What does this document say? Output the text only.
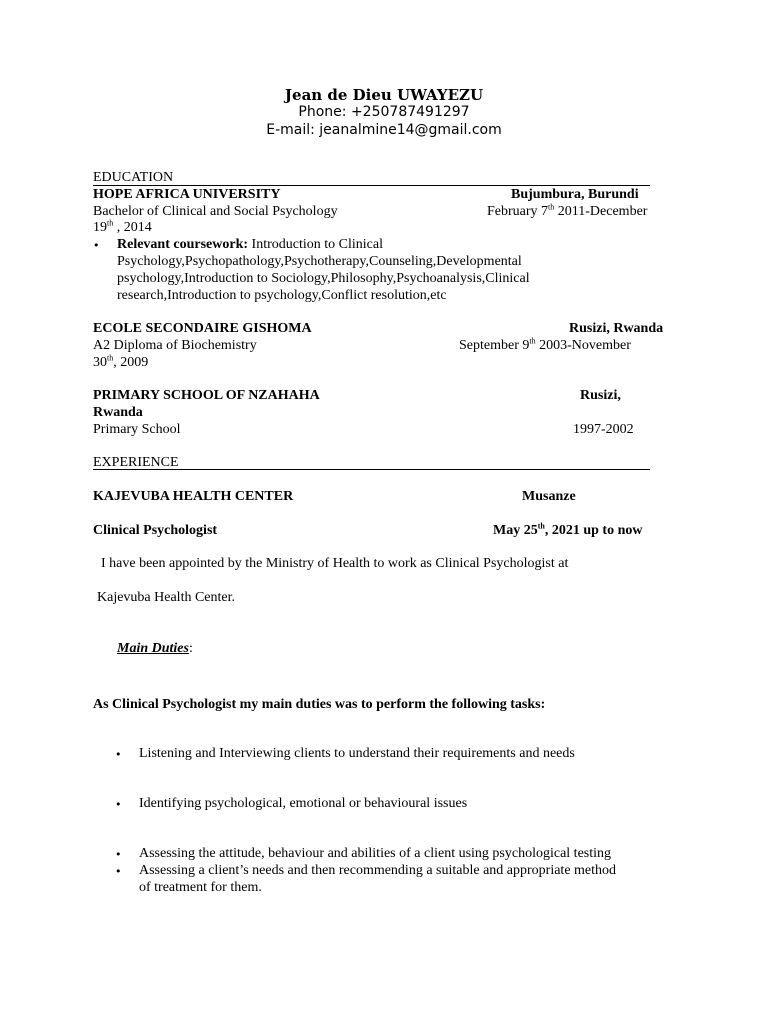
Jean de Dieu UWAYEZU
Phone: +250787491297
E-mail: jeanalmine14@gmail.com
EDUCATION
HOPE AFRICA UNIVERSITY	Bujumbura, Burundi
Bachelor of Clinical and Social Psychology	February 7th 2011-December
19th , 2014
• Relevant coursework: Introduction to Clinical
Psychology,Psychopathology,Psychotherapy,Counseling,Developmental
psychology,Introduction to Sociology,Philosophy,Psychoanalysis,Clinical
research,Introduction to psychology,Conflict resolution,etc
ECOLE SECONDAIRE GISHOMA	Rusizi, Rwanda
A2 Diploma of Biochemistry	September 9th 2003-November
30th, 2009
PRIMARY SCHOOL OF NZAHAHA	Rusizi,
Rwanda
Primary School	1997-2002
EXPERIENCE
KAJEVUBA HEALTH CENTER	Musanze
Clinical Psychologist	May 25th, 2021 up to now
I have been appointed by the Ministry of Health to work as Clinical Psychologist at
Kajevuba Health Center.
Main Duties:
As Clinical Psychologist my main duties was to perform the following tasks:
• Listening and Interviewing clients to understand their requirements and needs
• Identifying psychological, emotional or behavioural issues
• Assessing the attitude, behaviour and abilities of a client using psychological testing
• Assessing a client’s needs and then recommending a suitable and appropriate method
of treatment for them.
